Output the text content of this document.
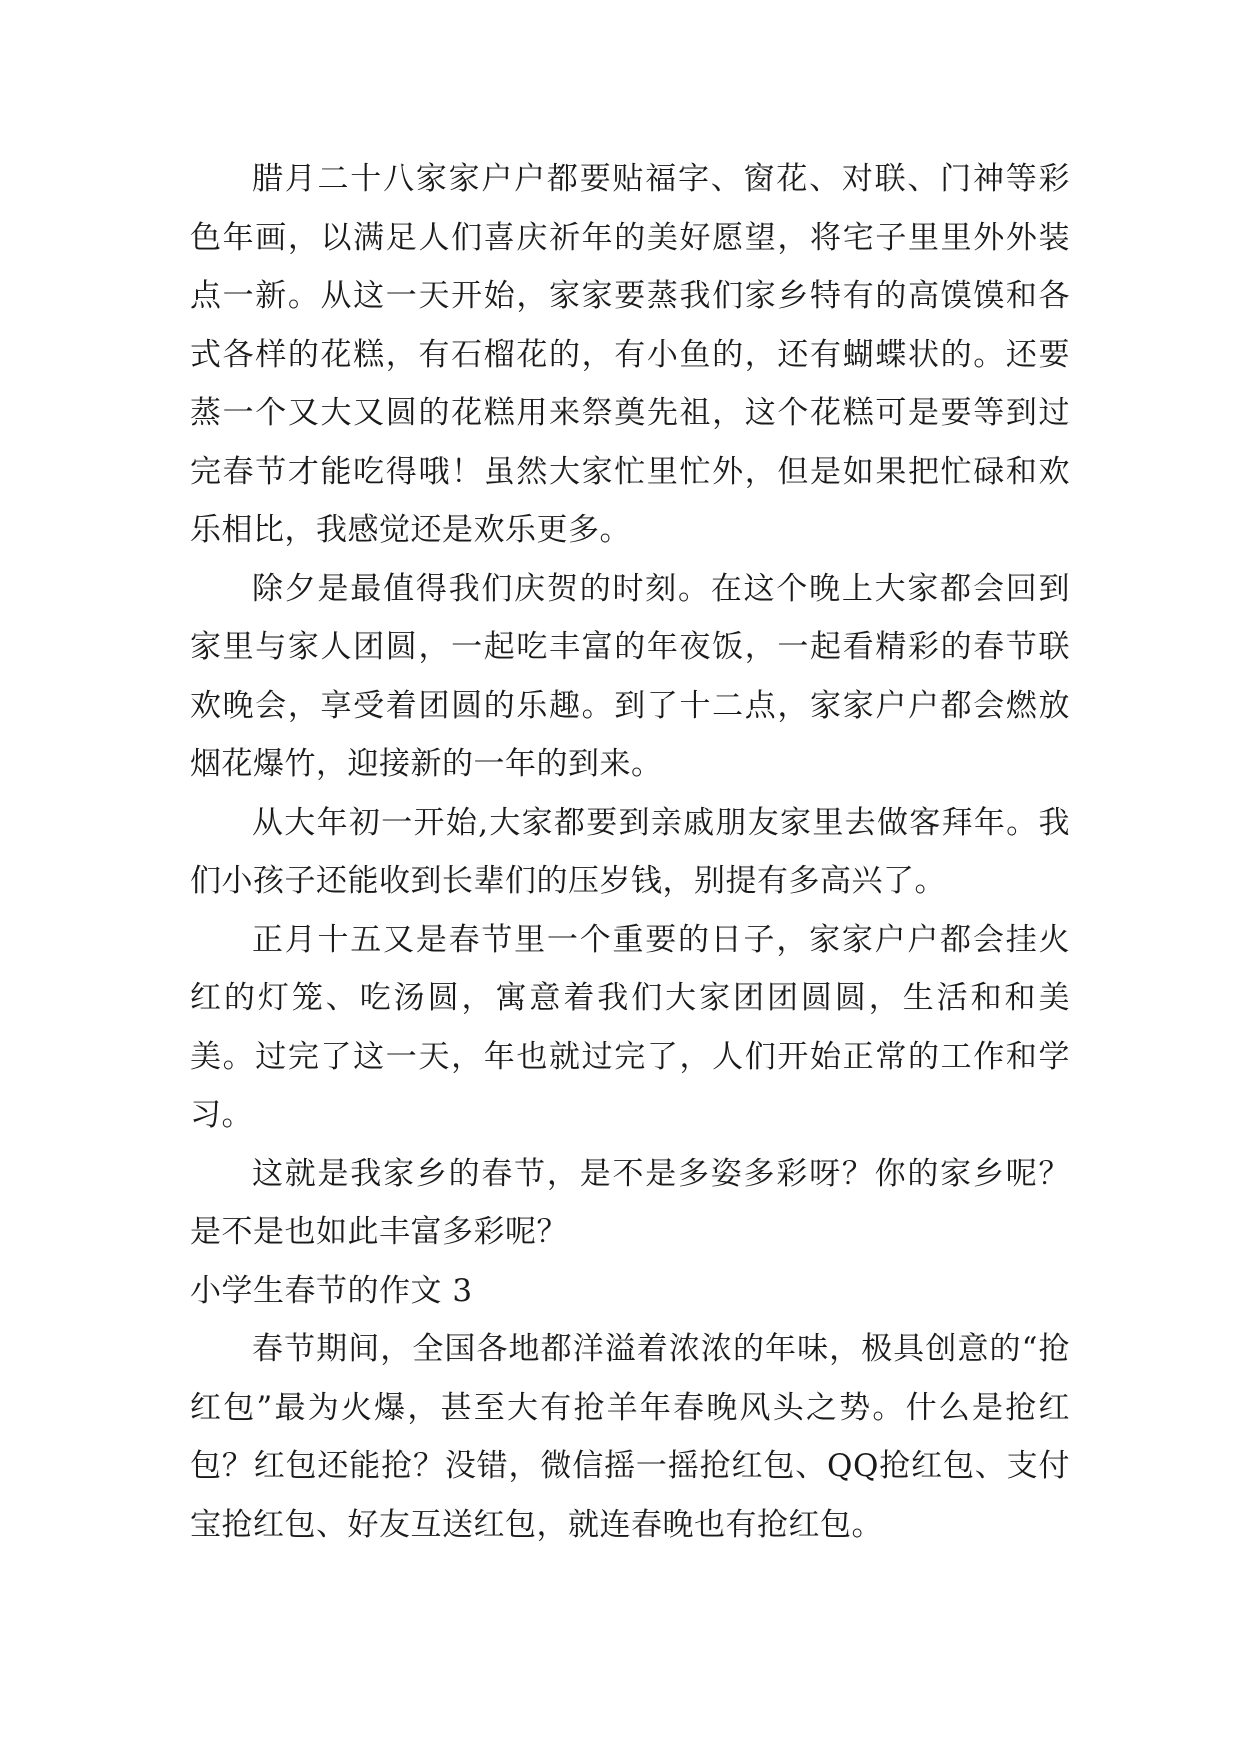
腊月二十八家家户户都要贴福字、窗花、对联、门神等彩色年画，以满足人们喜庆祈年的美好愿望，将宅子里里外外装点一新。从这一天开始，家家要蒸我们家乡特有的高馍馍和各式各样的花糕，有石榴花的，有小鱼的，还有蝴蝶状的。还要蒸一个又大又圆的花糕用来祭奠先祖，这个花糕可是要等到过完春节才能吃得哦！虽然大家忙里忙外，但是如果把忙碌和欢乐相比，我感觉还是欢乐更多。

除夕是最值得我们庆贺的时刻。在这个晚上大家都会回到家里与家人团圆，一起吃丰富的年夜饭，一起看精彩的春节联欢晚会，享受着团圆的乐趣。到了十二点，家家户户都会燃放烟花爆竹，迎接新的一年的到来。

从大年初一开始,大家都要到亲戚朋友家里去做客拜年。我们小孩子还能收到长辈们的压岁钱，别提有多高兴了。

正月十五又是春节里一个重要的日子，家家户户都会挂火红的灯笼、吃汤圆，寓意着我们大家团团圆圆，生活和和美美。过完了这一天，年也就过完了，人们开始正常的工作和学习。

这就是我家乡的春节，是不是多姿多彩呀？你的家乡呢？是不是也如此丰富多彩呢？

小学生春节的作文 3

春节期间，全国各地都洋溢着浓浓的年味，极具创意的“抢红包”最为火爆，甚至大有抢羊年春晚风头之势。什么是抢红包？红包还能抢？没错，微信摇一摇抢红包、QQ抢红包、支付宝抢红包、好友互送红包，就连春晚也有抢红包。
